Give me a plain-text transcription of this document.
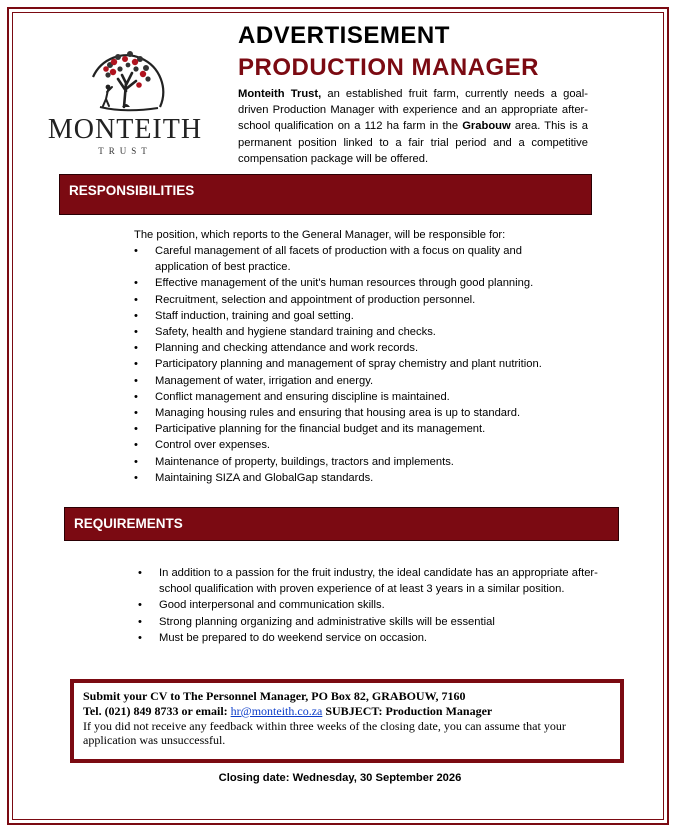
MONTEITH
TRUST
ADVERTISEMENT
PRODUCTION MANAGER
Monteith Trust, an established fruit farm, currently needs a goal-driven Production Manager with experience and an appropriate after-school qualification on a 112 ha farm in the Grabouw area. This is a permanent position linked to a fair trial period and a competitive compensation package will be offered.
RESPONSIBILITIES
The position, which reports to the General Manager, will be responsible for:
• Careful management of all facets of production with a focus on quality and application of best practice.
• Effective management of the unit's human resources through good planning.
• Recruitment, selection and appointment of production personnel.
• Staff induction, training and goal setting.
• Safety, health and hygiene standard training and checks.
• Planning and checking attendance and work records.
• Participatory planning and management of spray chemistry and plant nutrition.
• Management of water, irrigation and energy.
• Conflict management and ensuring discipline is maintained.
• Managing housing rules and ensuring that housing area is up to standard.
• Participative planning for the financial budget and its management.
• Control over expenses.
• Maintenance of property, buildings, tractors and implements.
• Maintaining SIZA and GlobalGap standards.
REQUIREMENTS
• In addition to a passion for the fruit industry, the ideal candidate has an appropriate after-school qualification with proven experience of at least 3 years in a similar position.
• Good interpersonal and communication skills.
• Strong planning organizing and administrative skills will be essential
• Must be prepared to do weekend service on occasion.
Submit your CV to The Personnel Manager, PO Box 82, GRABOUW, 7160
Tel. (021) 849 8733 or email: hr@monteith.co.za SUBJECT: Production Manager
If you did not receive any feedback within three weeks of the closing date, you can assume that your application was unsuccessful.
Closing date: Wednesday, 30 September 2026
